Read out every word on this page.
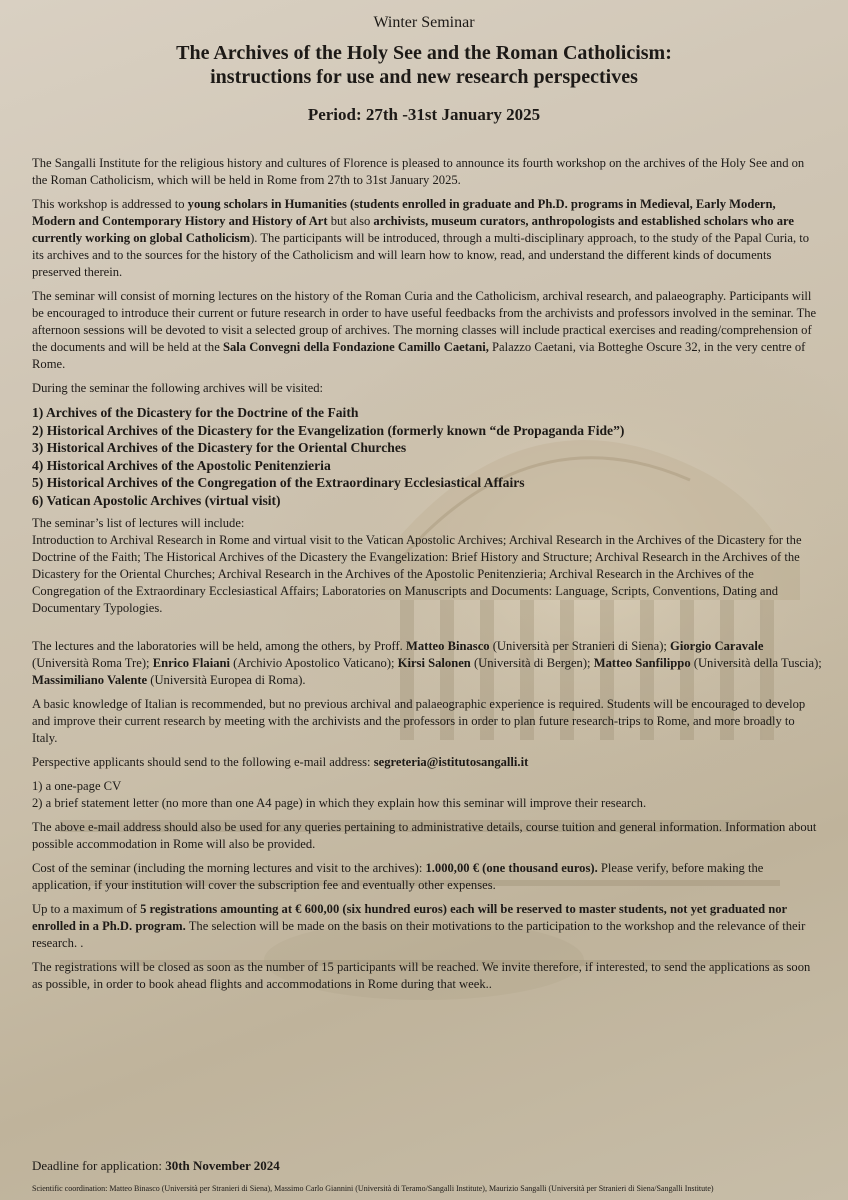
Winter Seminar
The Archives of the Holy See and the Roman Catholicism:
instructions for use and new research perspectives
Period: 27th -31st January 2025

The Sangalli Institute for the religious history and cultures of Florence is pleased to announce its fourth workshop on the archives of the Holy See and on the Roman Catholicism, which will be held in Rome from 27th to 31st January 2025.

This workshop is addressed to young scholars in Humanities (students enrolled in graduate and Ph.D. programs in Medieval, Early Modern, Modern and Contemporary History and History of Art but also archivists, museum curators, anthropologists and established scholars who are currently working on global Catholicism). The participants will be introduced, through a multi-disciplinary approach, to the study of the Papal Curia, to its archives and to the sources for the history of the Catholicism and will learn how to know, read, and understand the different kinds of documents preserved therein.

The seminar will consist of morning lectures on the history of the Roman Curia and the Catholicism, archival research, and palaeography. Participants will be encouraged to introduce their current or future research in order to have useful feedbacks from the archivists and professors involved in the seminar. The afternoon sessions will be devoted to visit a selected group of archives. The morning classes will include practical exercises and reading/comprehension of the documents and will be held at the Sala Convegni della Fondazione Camillo Caetani, Palazzo Caetani, via Botteghe Oscure 32, in the very centre of Rome.

During the seminar the following archives will be visited:

1) Archives of the Dicastery for the Doctrine of the Faith
2) Historical Archives of the Dicastery for the Evangelization (formerly known “de Propaganda Fide”)
3) Historical Archives of the Dicastery for the Oriental Churches
4) Historical Archives of the Apostolic Penitenzieria
5) Historical Archives of the Congregation of the Extraordinary Ecclesiastical Affairs
6) Vatican Apostolic Archives (virtual visit)

The seminar’s list of lectures will include:
Introduction to Archival Research in Rome and virtual visit to the Vatican Apostolic Archives; Archival Research in the Archives of the Dicastery for the Doctrine of the Faith; The Historical Archives of the Dicastery the Evangelization: Brief History and Structure; Archival Research in the Archives of the Dicastery for the Oriental Churches; Archival Research in the Archives of the Apostolic Penitenzieria; Archival Research in the Archives of the Congregation of the Extraordinary Ecclesiastical Affairs; Laboratories on Manuscripts and Documents: Language, Scripts, Conventions, Dating and Documentary Typologies.

The lectures and the laboratories will be held, among the others, by Proff. Matteo Binasco (Università per Stranieri di Siena); Giorgio Caravale (Università Roma Tre); Enrico Flaiani (Archivio Apostolico Vaticano); Kirsi Salonen (Università di Bergen); Matteo Sanfilippo (Università della Tuscia); Massimiliano Valente (Università Europea di Roma).

A basic knowledge of Italian is recommended, but no previous archival and palaeographic experience is required. Students will be encouraged to develop and improve their current research by meeting with the archivists and the professors in order to plan future research-trips to Rome, and more broadly to Italy.

Perspective applicants should send to the following e-mail address: segreteria@istitutosangalli.it

1) a one-page CV
2) a brief statement letter (no more than one A4 page) in which they explain how this seminar will improve their research.

The above e-mail address should also be used for any queries pertaining to administrative details, course tuition and general information. Information about possible accommodation in Rome will also be provided.

Cost of the seminar (including the morning lectures and visit to the archives): 1.000,00 € (one thousand euros). Please verify, before making the application, if your institution will cover the subscription fee and eventually other expenses.

Up to a maximum of 5 registrations amounting at € 600,00 (six hundred euros) each will be reserved to master students, not yet graduated nor enrolled in a Ph.D. program. The selection will be made on the basis on their motivations to the participation to the workshop and the relevance of their research. .

The registrations will be closed as soon as the number of 15 participants will be reached. We invite therefore, if interested, to send the applications as soon as possible, in order to book ahead flights and accommodations in Rome during that week..

Deadline for application: 30th November 2024
Scientific coordination: Matteo Binasco (Università per Stranieri di Siena), Massimo Carlo Giannini (Università di Teramo/Sangalli Institute), Maurizio Sangalli (Università per Stranieri di Siena/Sangalli Institute)
